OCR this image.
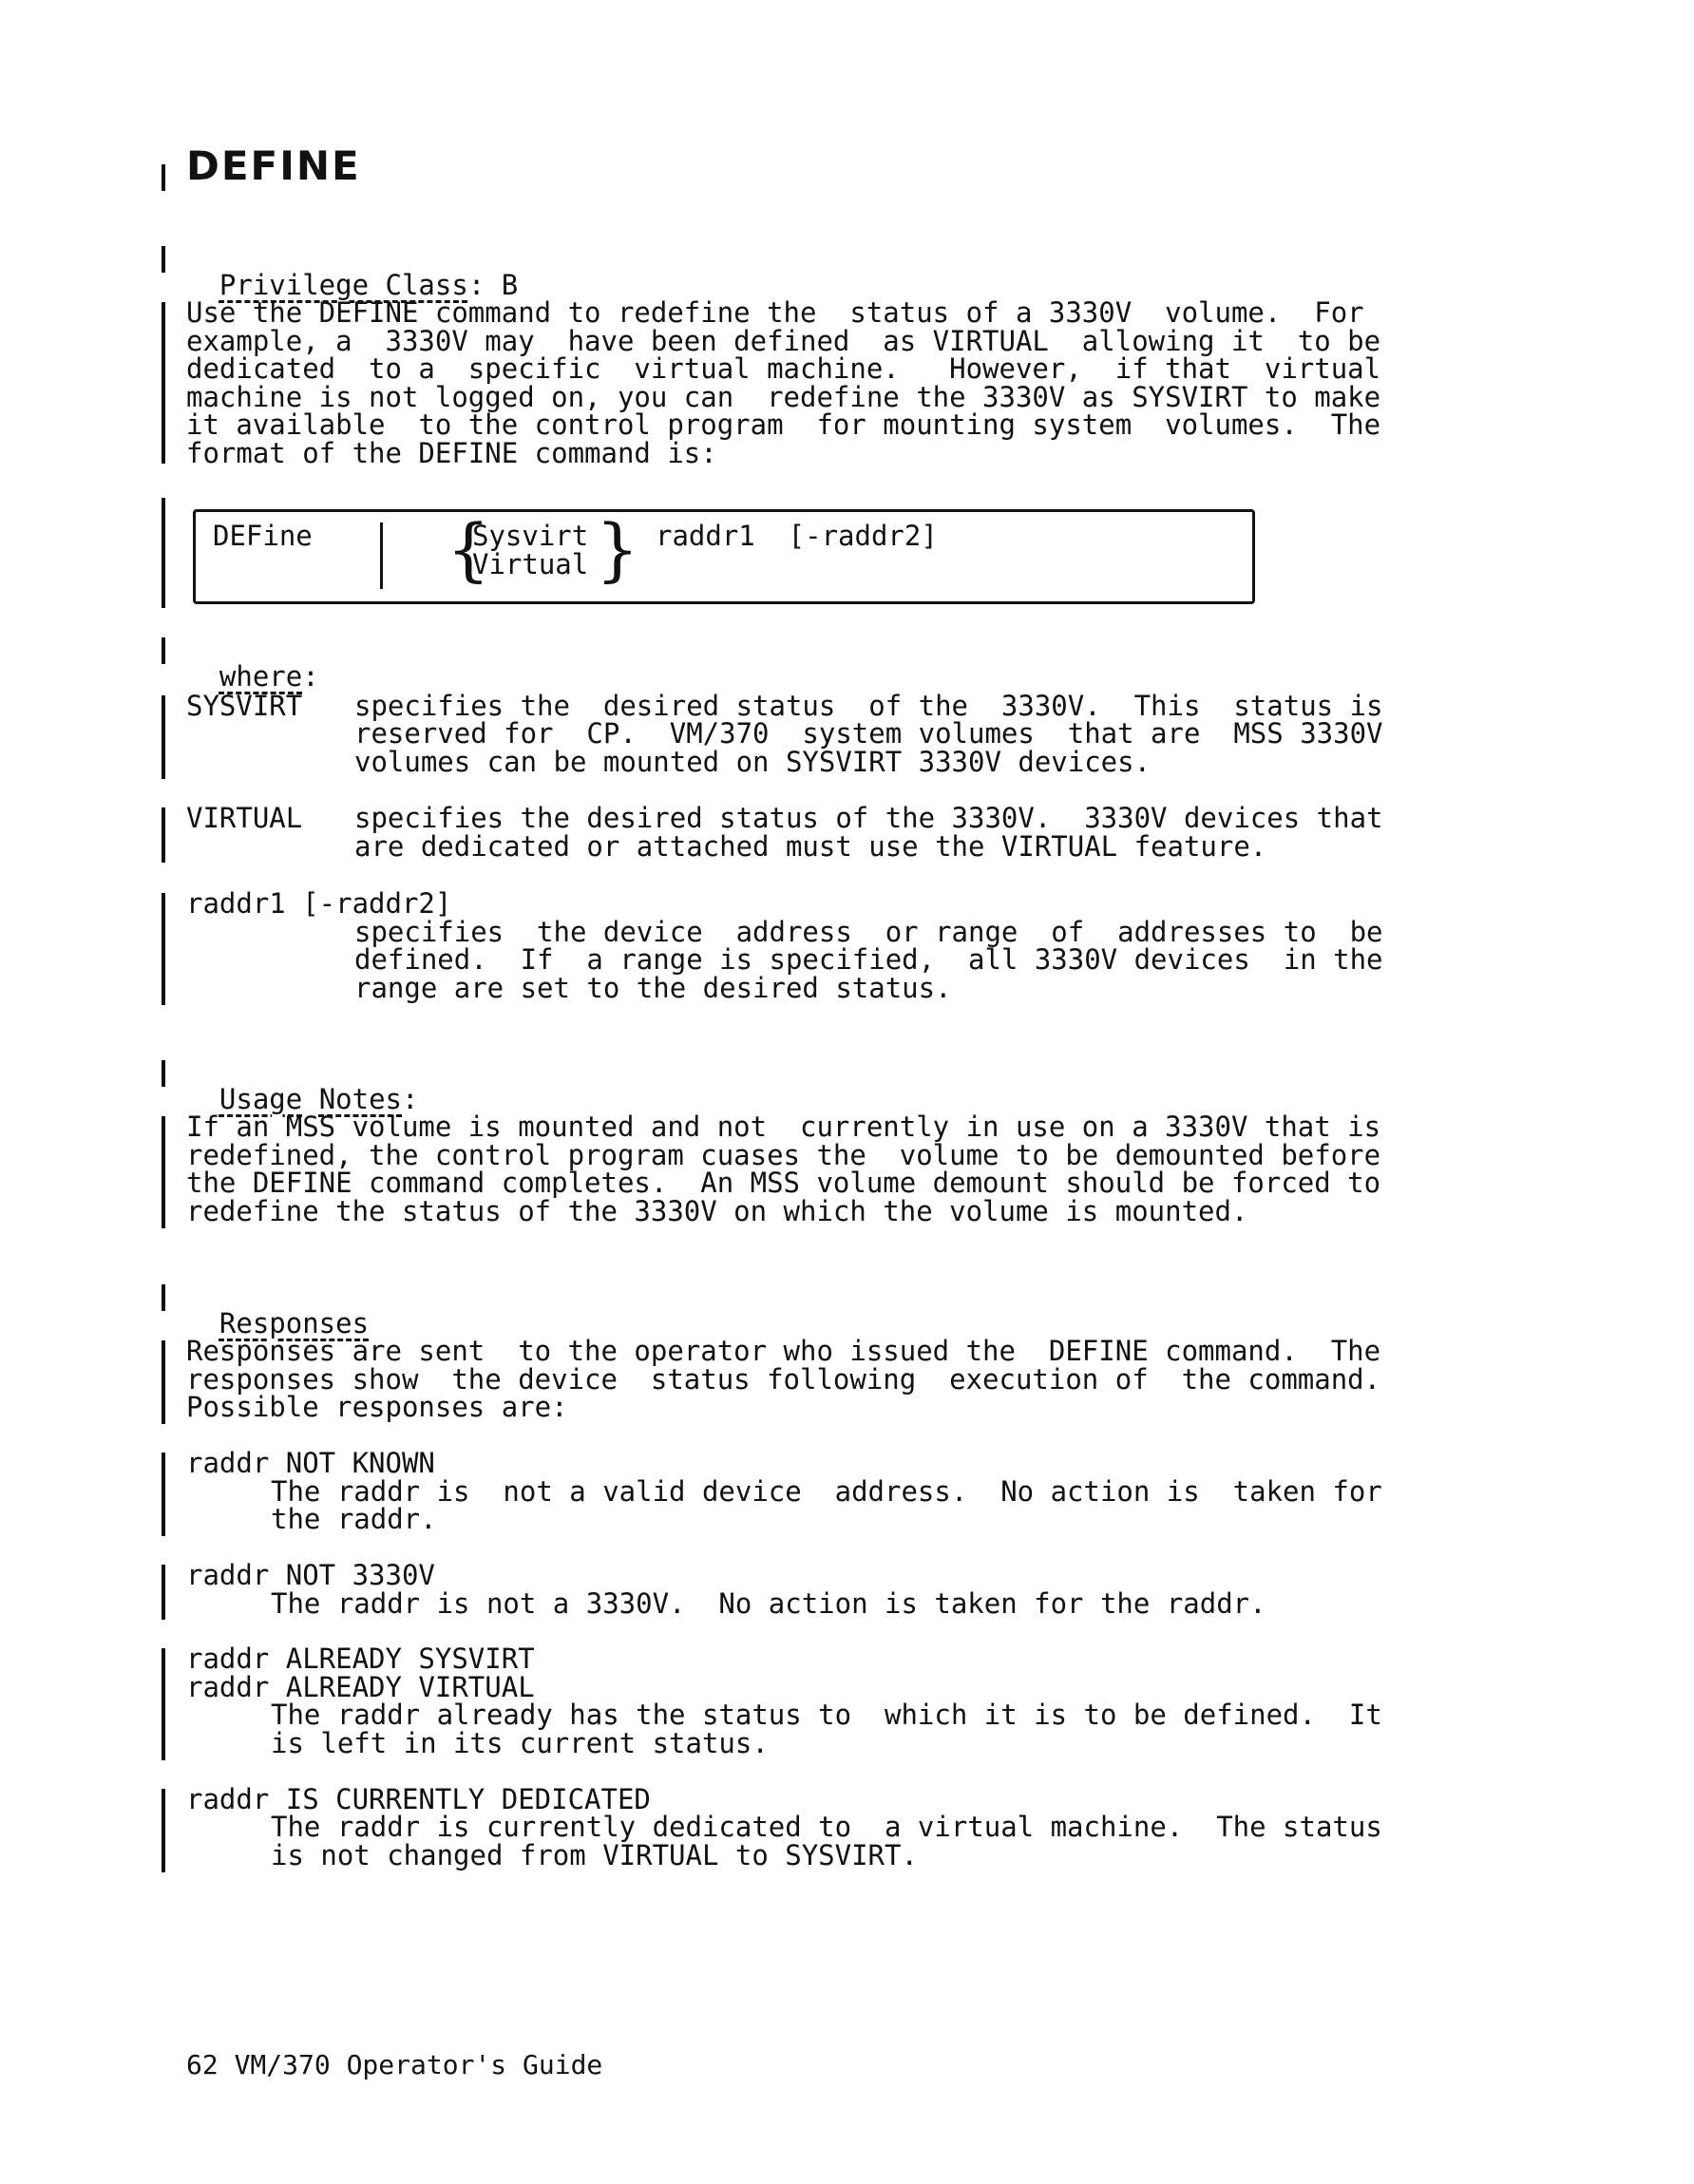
DEFINE

Privilege Class: B

Use the DEFINE command to redefine the  status of a 3330V  volume.  For
example, a  3330V may  have been defined  as VIRTUAL  allowing it  to be
dedicated  to a  specific  virtual machine.   However,  if that  virtual
machine is not logged on, you can  redefine the 3330V as SYSVIRT to make
it available  to the control program  for mounting system  volumes.  The
format of the DEFINE command is:
DEFine {
Sysvirt
Virtual } raddr1  [-raddr2]

where:

SYSVIRT specifies the  desired status  of the  3330V.  This  status is
reserved for  CP.  VM/370  system volumes  that are  MSS 3330V
volumes can be mounted on SYSVIRT 3330V devices.
VIRTUAL specifies the desired status of the 3330V.  3330V devices that
are dedicated or attached must use the VIRTUAL feature.
raddr1 [-raddr2]
specifies  the device  address  or range  of  addresses to  be
defined.  If  a range is specified,  all 3330V devices  in the
range are set to the desired status.

Usage Notes:

If an MSS volume is mounted and not  currently in use on a 3330V that is
redefined, the control program cuases the  volume to be demounted before
the DEFINE command completes.  An MSS volume demount should be forced to
redefine the status of the 3330V on which the volume is mounted.

Responses

Responses are sent  to the operator who issued the  DEFINE command.  The
responses show  the device  status following  execution of  the command.
Possible responses are:
raddr NOT KNOWN
The raddr is  not a valid device  address.  No action is  taken for
the raddr.
raddr NOT 3330V
The raddr is not a 3330V.  No action is taken for the raddr.
raddr ALREADY SYSVIRT
raddr ALREADY VIRTUAL
The raddr already has the status to  which it is to be defined.  It
is left in its current status.
raddr IS CURRENTLY DEDICATED
The raddr is currently dedicated to  a virtual machine.  The status
is not changed from VIRTUAL to SYSVIRT.
62 VM/370 Operator's Guide
